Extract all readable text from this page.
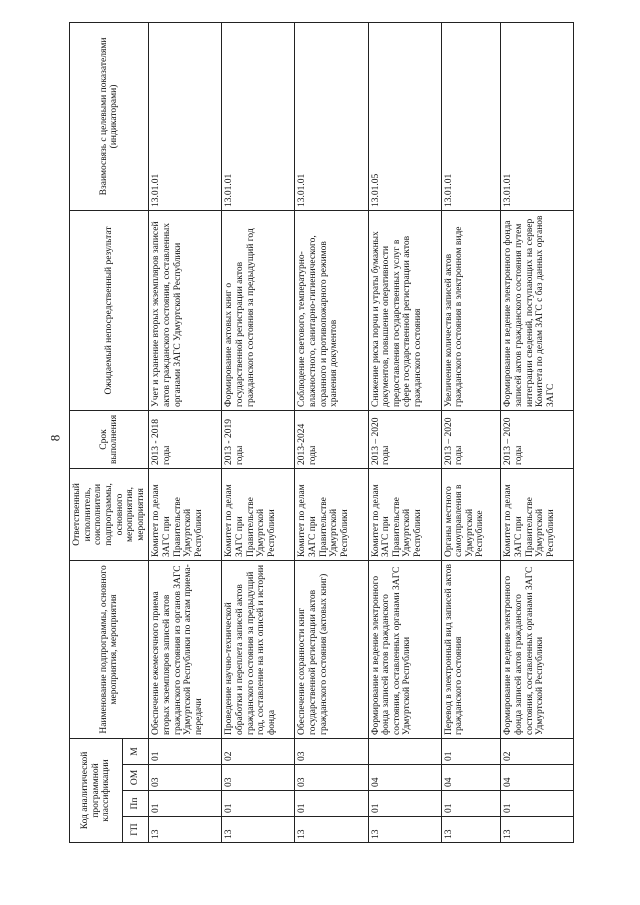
8
Код аналитической программной классификации				Наименование подпрограммы, основного мероприятия, мероприятия	Ответственный исполнитель, соисполнители подпрограммы, основного мероприятия, мероприятия	Срок выполнения	Ожидаемый непосредственный результат	Взаимосвязь с целевыми показателями (индикаторами)
ГП	Пп	ОМ	М					
13	01	03	01	Обеспечение ежемесячного приема вторых экземпляров записей актов гражданского состояния из органов ЗАГС Удмуртской Республики по актам приема-передачи	Комитет по делам ЗАГС при Правительстве Удмуртской Республики	2013 - 2018 годы	Учет и хранение вторых экземпляров записей актов гражданского состояния, составленных органами ЗАГС Удмуртской Республики	13.01.01
13	01	03	02	Проведение научно-технической обработки и переплета записей актов гражданского состояния за предыдущий год, составление на них описей и истории фонда	Комитет по делам ЗАГС при Правительстве Удмуртской Республики	2013 - 2019 годы	Формирование актовых книг о государственной регистрации актов гражданского состояния за предыдущий год	13.01.01
13	01	03	03	Обеспечение сохранности книг государственной регистрации актов гражданского состояния (актовых книг)	Комитет по делам ЗАГС при Правительстве Удмуртской Республики	2013-2024 годы	Соблюдение светового, температурно-влажностного, санитарно-гигиенического, охранного и противопожарного режимов хранения документов	13.01.01
13	01	04		Формирование и ведение электронного фонда записей актов гражданского состояния, составленных органами ЗАГС Удмуртской Республики	Комитет по делам ЗАГС при Правительстве Удмуртской Республики	2013 – 2020 годы	Снижение риска порчи и утраты бумажных документов, повышение оперативности предоставления государственных услуг в сфере государственной регистрации актов гражданского состояния	13.01.05
13	01	04	01	Перевод в электронный вид записей актов гражданского состояния	Органы местного самоуправления в Удмуртской Республике	2013 – 2020 годы	Увеличение количества записей актов гражданского состояния в электронном виде	13.01.01
13	01	04	02	Формирование и ведение электронного фонда записей актов гражданского состояния, составленных органами ЗАГС Удмуртской Республики	Комитет по делам ЗАГС при Правительстве Удмуртской Республики	2013 – 2020 годы	Формирование и ведение электронного фонда записей актов гражданского состояния путем интеграции сведений, поступающих на сервер Комитета по делам ЗАГС с баз данных органов ЗАГС	13.01.01
